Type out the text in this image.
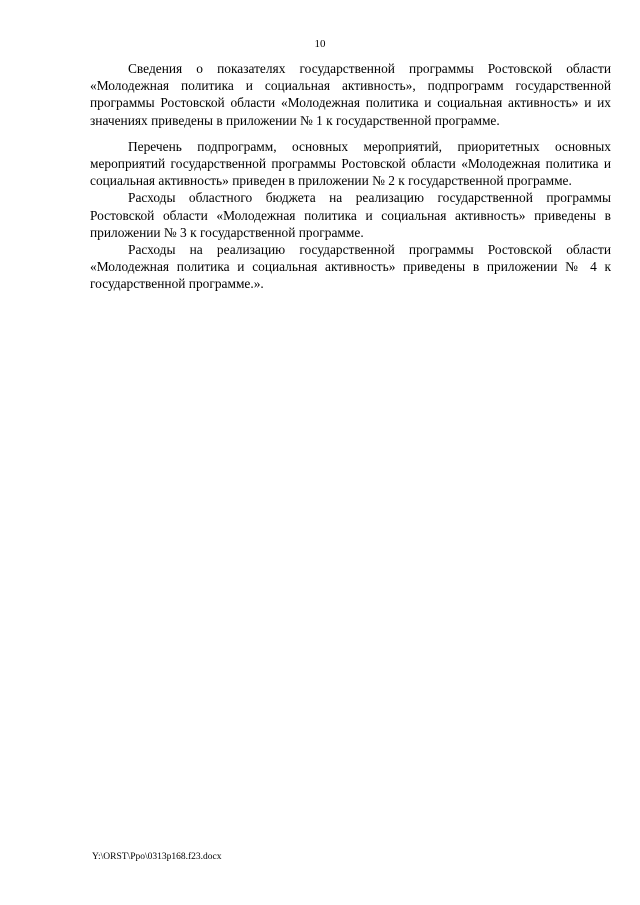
10

Сведения о показателях государственной программы Ростовской области «Молодежная политика и социальная активность», подпрограмм государственной программы Ростовской области «Молодежная политика и социальная активность» и их значениях приведены в приложении № 1 к государственной программе.

Перечень подпрограмм, основных мероприятий, приоритетных основных мероприятий государственной программы Ростовской области «Молодежная политика и социальная активность» приведен в приложении № 2 к государственной программе.

Расходы областного бюджета на реализацию государственной программы Ростовской области «Молодежная политика и социальная активность» приведены в приложении № 3 к государственной программе.

Расходы на реализацию государственной программы Ростовской области «Молодежная политика и социальная активность» приведены в приложении № 4 к государственной программе.».

Y:\ORST\Ppo\0313p168.f23.docx
